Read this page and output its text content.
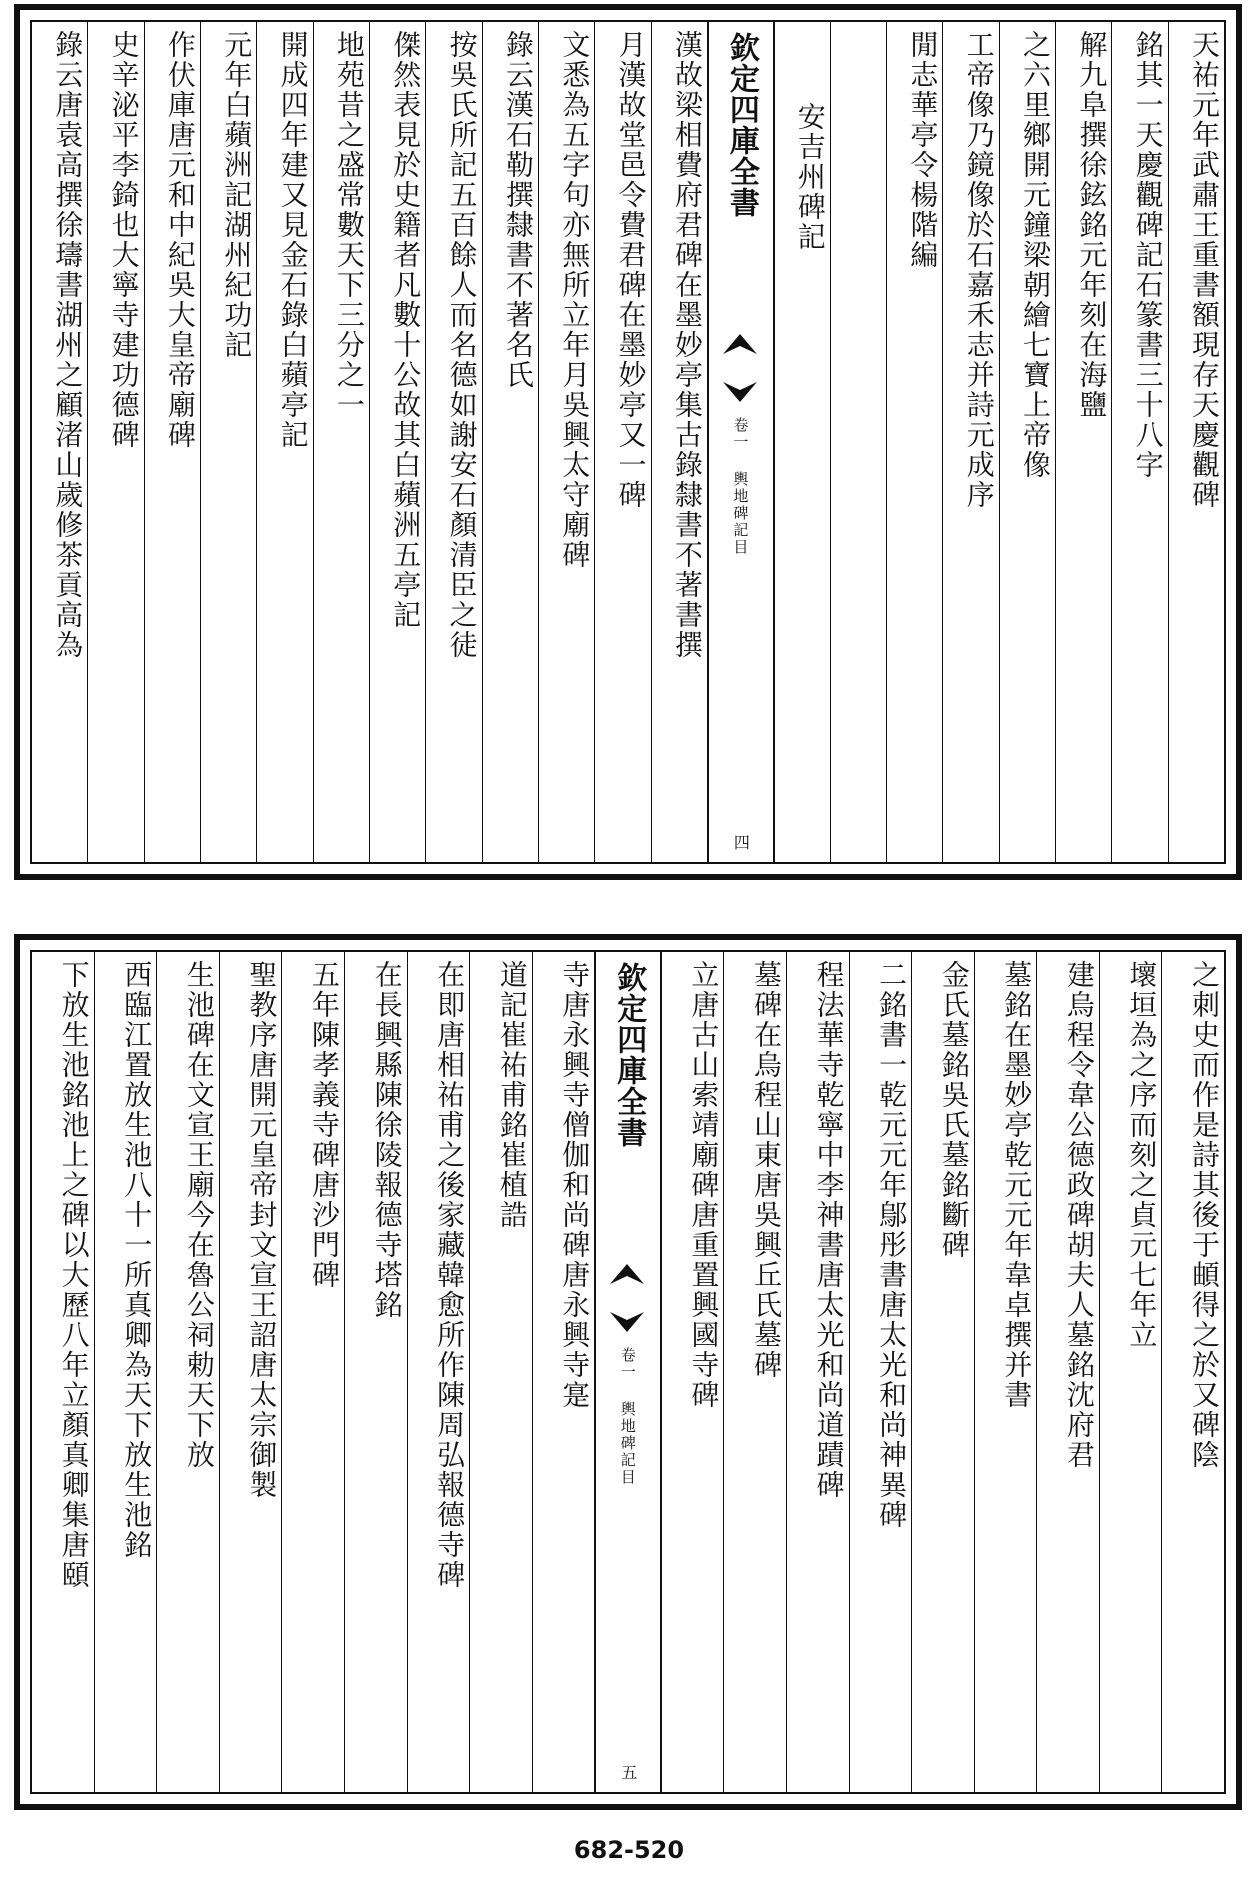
天祐元年武肅王重書額現存天慶觀碑
銘其一天慶觀碑記石篆書三十八字
解九阜撰徐鉉銘元年刻在海鹽
之六里鄉開元鐘梁朝繪七寶上帝像
工帝像乃鏡像於石嘉禾志并詩元成序
閒志華亭令楊階編
安吉州碑記
欽定四庫全書
卷一 輿地碑記目
四
漢故梁相費府君碑在墨妙亭集古錄隸書不著書撰
月漢故堂邑令費君碑在墨妙亭又一碑
文悉為五字句亦無所立年月吳興太守廟碑
錄云漢石勒撰隸書不著名氏
按吳氏所記五百餘人而名德如謝安石顏清臣之徒
傑然表見於史籍者凡數十公故其白蘋洲五亭記
地苑昔之盛常數天下三分之一
開成四年建又見金石錄白蘋亭記
元年白蘋洲記湖州紀功記
作伏庫唐元和中紀吳大皇帝廟碑
史辛泌平李錡也大寧寺建功德碑
錄云唐袁高撰徐璹書湖州之顧渚山歲修茶貢高為
之刺史而作是詩其後于頔得之於又碑陰
壞垣為之序而刻之貞元七年立
建烏程令韋公德政碑胡夫人墓銘沈府君
墓銘在墨妙亭乾元元年韋卓撰并書
金氏墓銘吳氏墓銘斷碑
二銘書一乾元元年鄔彤書唐太光和尚神異碑
程法華寺乾寧中李神書唐太光和尚道蹟碑
墓碑在烏程山東唐吳興丘氏墓碑
立唐古山索靖廟碑唐重置興國寺碑
欽定四庫全書
卷一 輿地碑記目
五
寺唐永興寺僧伽和尚碑唐永興寺寔
道記崔祐甫銘崔植誥
在即唐相祐甫之後家藏韓愈所作陳周弘報德寺碑
在長興縣陳徐陵報德寺塔銘
五年陳孝義寺碑唐沙門碑
聖教序唐開元皇帝封文宣王詔唐太宗御製
生池碑在文宣王廟今在魯公祠勅天下放
西臨江置放生池八十一所真卿為天下放生池銘
下放生池銘池上之碑以大歷八年立顏真卿集唐頤
682-520
